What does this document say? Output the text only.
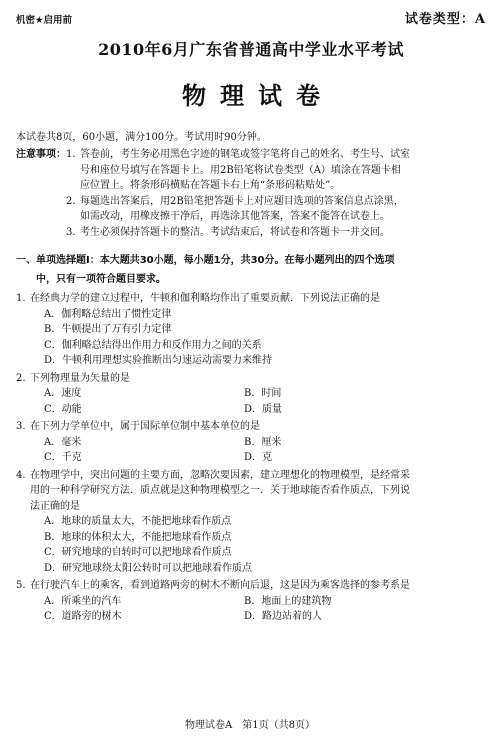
机密★启用前	试卷类型：A
2010年6月广东省普通高中学业水平考试
物理试卷
本试卷共8页，60小题，满分100分。考试用时90分钟。
注意事项： 1. 答卷前，考生务必用黑色字迹的钢笔或签字笔将自己的姓名、考生号、试室
号和座位号填写在答题卡上。用2B铅笔将试卷类型（A）填涂在答题卡相
应位置上。将条形码横贴在答题卡右上角“条形码粘贴处”。
2. 每题选出答案后，用2B铅笔把答题卡上对应题目选项的答案信息点涂黑，
如需改动，用橡皮擦干净后，再选涂其他答案，答案不能答在试卷上。
3. 考生必须保持答题卡的整洁。考试结束后，将试卷和答题卡一并交回。
一、单项选择题Ⅰ：本大题共30小题，每小题1分，共30分。在每小题列出的四个选项
中，只有一项符合题目要求。
1. 在经典力学的建立过程中，牛顿和伽利略均作出了重要贡献．下列说法正确的是
A．伽利略总结出了惯性定律
B．牛顿提出了万有引力定律
C．伽利略总结得出作用力和反作用力之间的关系
D．牛顿利用理想实验推断出匀速运动需要力来维持
2. 下列物理量为矢量的是
A．速度	B．时间
C．动能	D．质量
3. 在下列力学单位中，属于国际单位制中基本单位的是
A．毫米	B．厘米
C．千克	D．克
4. 在物理学中，突出问题的主要方面，忽略次要因素，建立理想化的物理模型，是经常采
用的一种科学研究方法．质点就是这种物理模型之一．关于地球能否看作质点，下列说
法正确的是
A．地球的质量太大，不能把地球看作质点
B．地球的体积太大，不能把地球看作质点
C．研究地球的自转时可以把地球看作质点
D．研究地球绕太阳公转时可以把地球看作质点
5. 在行驶汽车上的乘客，看到道路两旁的树木不断向后退，这是因为乘客选择的参考系是
A．所乘坐的汽车	B．地面上的建筑物
C．道路旁的树木	D．路边站着的人
物理试卷A　第1页（共8页）
